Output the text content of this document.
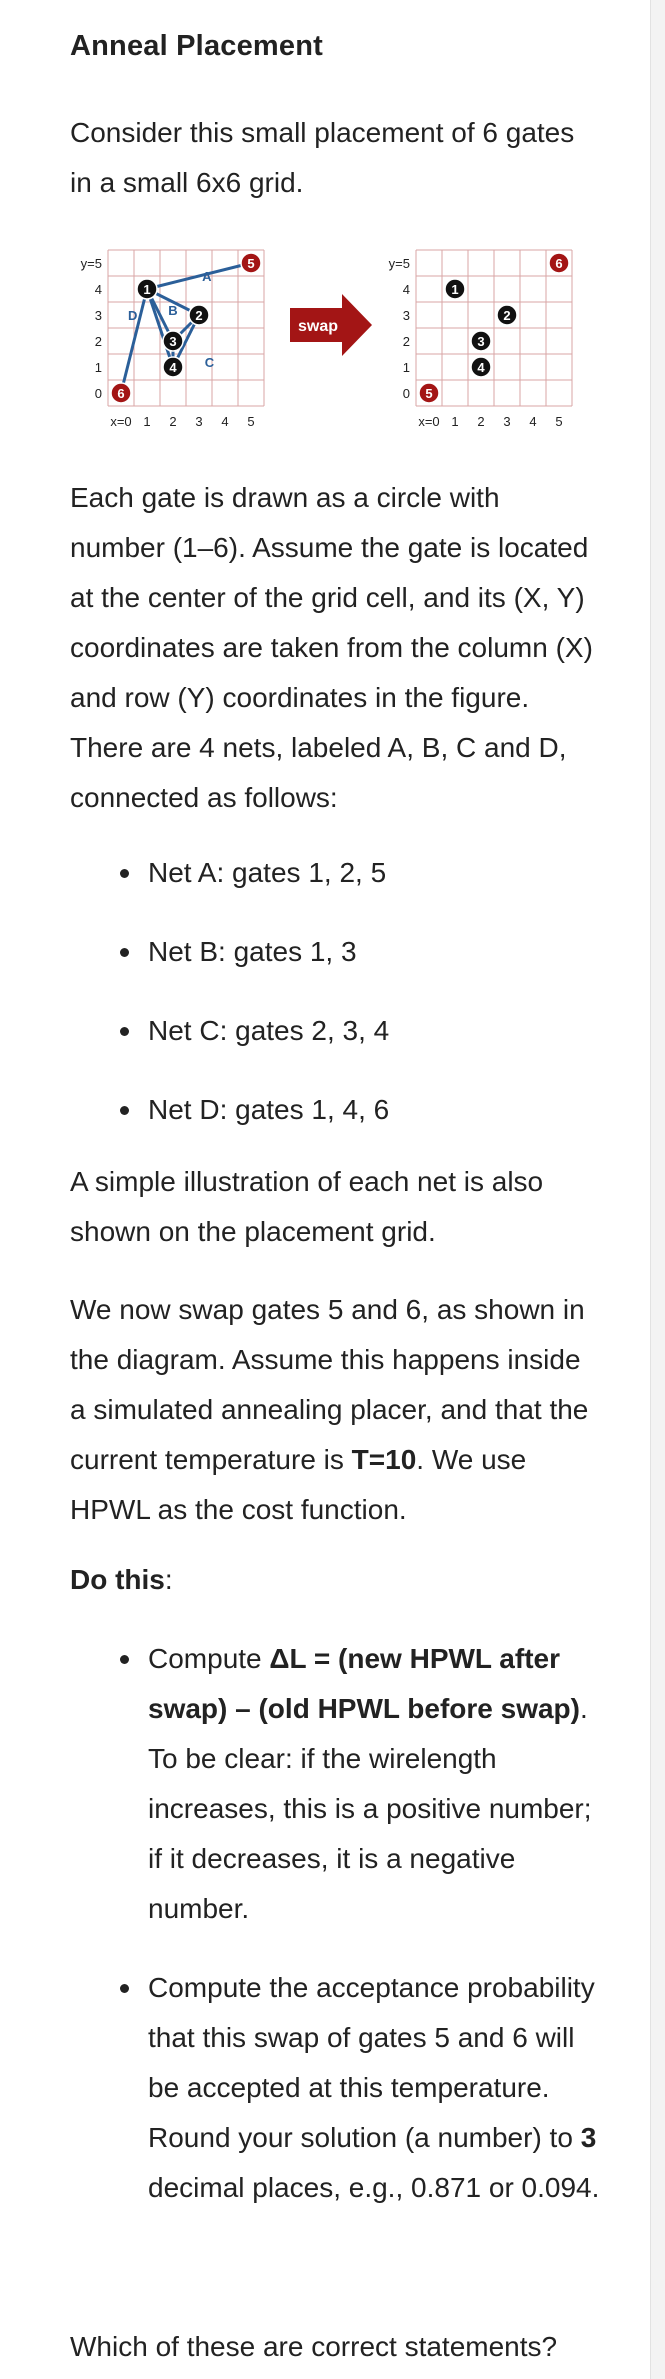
Anneal Placement
Consider this small placement of 6 gates in a small 6x6 grid.
y=5
4
3
2
1
0
x=0 1 2 3 4 5
A
B
C
D
1
2
3
4
5
6
swap
y=5
4
3
2
1
0
x=0 1 2 3 4 5
1
2
3
4
5
6
Each gate is drawn as a circle with number (1–6). Assume the gate is located at the center of the grid cell, and its (X, Y) coordinates are taken from the column (X) and row (Y) coordinates in the figure. There are 4 nets, labeled A, B, C and D, connected as follows:
Net A: gates 1, 2, 5
Net B: gates 1, 3
Net C: gates 2, 3, 4
Net D: gates 1, 4, 6
A simple illustration of each net is also shown on the placement grid.
We now swap gates 5 and 6, as shown in the diagram. Assume this happens inside a simulated annealing placer, and that the current temperature is T=10. We use HPWL as the cost function.
Do this:
Compute ΔL = (new HPWL after swap) – (old HPWL before swap). To be clear: if the wirelength increases, this is a positive number; if it decreases, it is a negative number.
Compute the acceptance probability that this swap of gates 5 and 6 will be accepted at this temperature. Round your solution (a number) to 3 decimal places, e.g., 0.871 or 0.094.
Which of these are correct statements?
